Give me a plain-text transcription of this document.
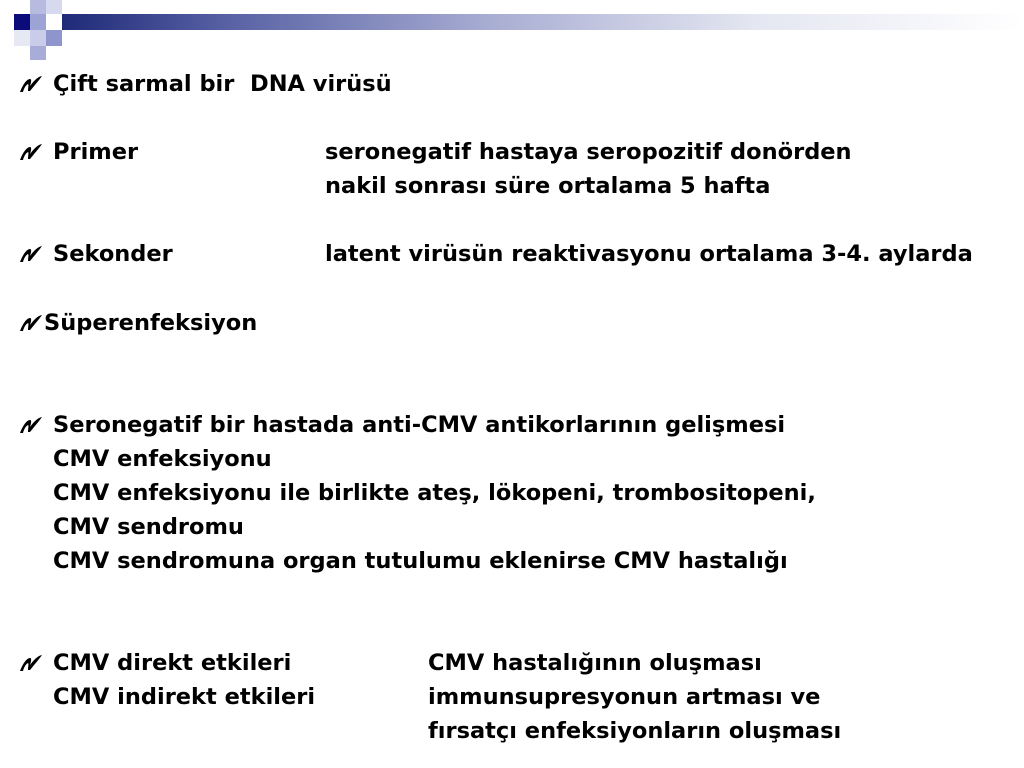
Çift sarmal bir  DNA virüsü
Primer	seronegatif hastaya seropozitif donörden
nakil sonrası süre ortalama 5 hafta
Sekonder	latent virüsün reaktivasyonu ortalama 3-4. aylarda
Süperenfeksiyon
Seronegatif bir hastada anti-CMV antikorlarının gelişmesi
CMV enfeksiyonu
CMV enfeksiyonu ile birlikte ateş, lökopeni, trombositopeni,
CMV sendromu
CMV sendromuna organ tutulumu eklenirse CMV hastalığı
CMV direkt etkileri	CMV hastalığının oluşması
CMV indirekt etkileri	immunsupresyonun artması ve
fırsatçı enfeksiyonların oluşması
